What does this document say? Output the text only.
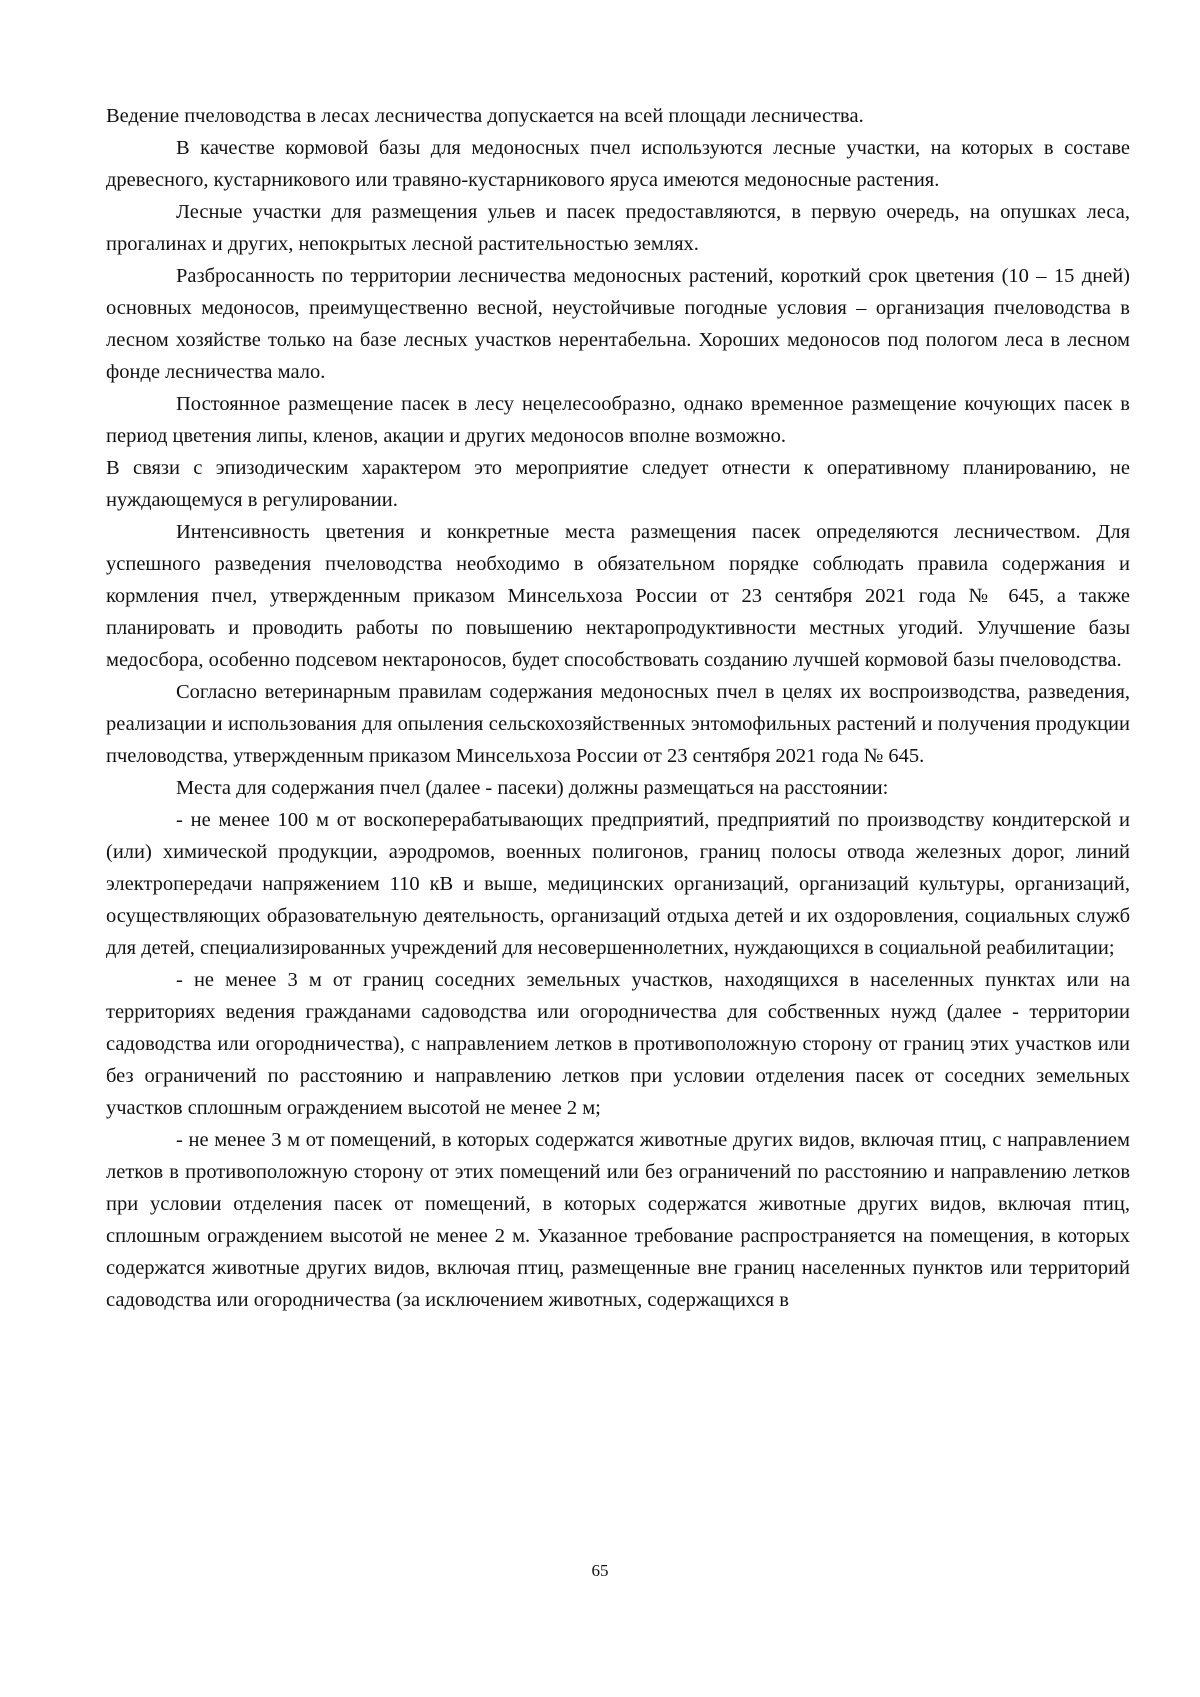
Ведение пчеловодства в лесах лесничества допускается на всей площади лесничества.

В качестве кормовой базы для медоносных пчел используются лесные участки, на которых в составе древесного, кустарникового или травяно-кустарникового яруса имеются медоносные растения.

Лесные участки для размещения ульев и пасек предоставляются, в первую очередь, на опушках леса, прогалинах и других, непокрытых лесной растительностью землях.

Разбросанность по территории лесничества медоносных растений, короткий срок цветения (10 – 15 дней) основных медоносов, преимущественно весной, неустойчивые погодные условия – организация пчеловодства в лесном хозяйстве только на базе лесных участков нерентабельна. Хороших медоносов под пологом леса в лесном фонде лесничества мало.

Постоянное размещение пасек в лесу нецелесообразно, однако временное размещение кочующих пасек в период цветения липы, кленов, акации и других медоносов вполне возможно.

В связи с эпизодическим характером это мероприятие следует отнести к оперативному планированию, не нуждающемуся в регулировании.

Интенсивность цветения и конкретные места размещения пасек определяются лесничеством. Для успешного разведения пчеловодства необходимо в обязательном порядке соблюдать правила содержания и кормления пчел, утвержденным приказом Минсельхоза России от 23 сентября 2021 года № 645, а также планировать и проводить работы по повышению нектаропродуктивности местных угодий. Улучшение базы медосбора, особенно подсевом нектароносов, будет способствовать созданию лучшей кормовой базы пчеловодства.

Согласно ветеринарным правилам содержания медоносных пчел в целях их воспроизводства, разведения, реализации и использования для опыления сельскохозяйственных энтомофильных растений и получения продукции пчеловодства, утвержденным приказом Минсельхоза России от 23 сентября 2021 года № 645.

Места для содержания пчел (далее - пасеки) должны размещаться на расстоянии:

- не менее 100 м от воскоперерабатывающих предприятий, предприятий по производству кондитерской и (или) химической продукции, аэродромов, военных полигонов, границ полосы отвода железных дорог, линий электропередачи напряжением 110 кВ и выше, медицинских организаций, организаций культуры, организаций, осуществляющих образовательную деятельность, организаций отдыха детей и их оздоровления, социальных служб для детей, специализированных учреждений для несовершеннолетних, нуждающихся в социальной реабилитации;

- не менее 3 м от границ соседних земельных участков, находящихся в населенных пунктах или на территориях ведения гражданами садоводства или огородничества для собственных нужд (далее - территории садоводства или огородничества), с направлением летков в противоположную сторону от границ этих участков или без ограничений по расстоянию и направлению летков при условии отделения пасек от соседних земельных участков сплошным ограждением высотой не менее 2 м;

- не менее 3 м от помещений, в которых содержатся животные других видов, включая птиц, с направлением летков в противоположную сторону от этих помещений или без ограничений по расстоянию и направлению летков при условии отделения пасек от помещений, в которых содержатся животные других видов, включая птиц, сплошным ограждением высотой не менее 2 м. Указанное требование распространяется на помещения, в которых содержатся животные других видов, включая птиц, размещенные вне границ населенных пунктов или территорий садоводства или огородничества (за исключением животных, содержащихся в

65
